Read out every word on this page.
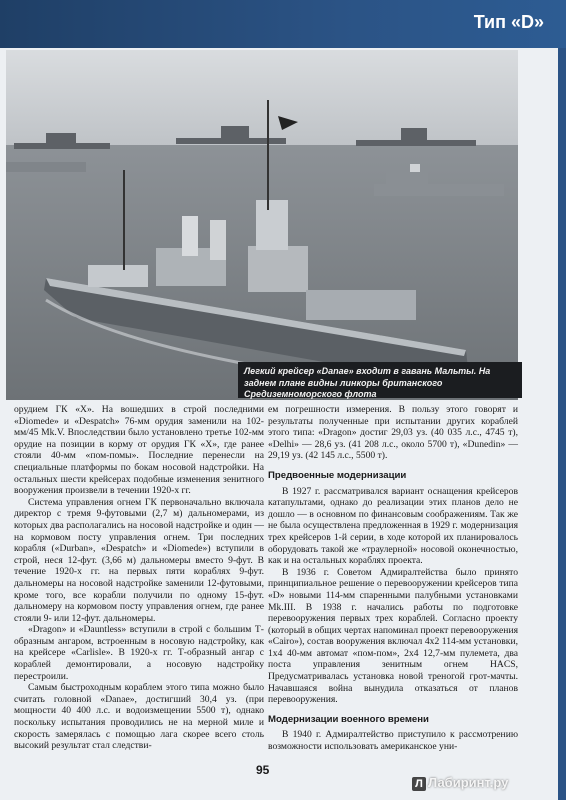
Тип «D»
Легкий крейсер «Danae» входит в гавань Мальты. На заднем плане видны линкоры британского Средиземноморского флота

орудием ГК «X». На вошедших в строй последними «Diomede» и «Despatch» 76-мм орудия заменили на 102-мм/45 Mk.V. Впоследствии было установлено третье 102-мм орудие на позиции в корму от орудия ГК «X», где ранее стояли 40-мм «пом-помы». Последние перенесли на специальные платформы по бокам носовой надстройки. На остальных шести крейсерах подобные изменения зенитного вооружения произвели в течении 1920-х гг.

Система управления огнем ГК первоначально включала директор с тремя 9-футовыми (2,7 м) дальномерами, из которых два располагались на носовой надстройке и один — на кормовом посту управления огнем. Три последних корабля («Durban», «Despatch» и «Diomede») вступили в строй, неся 12-фут. (3,66 м) дальномеры вместо 9-фут. В течение 1920-х гг. на первых пяти кораблях 9-фут. дальномеры на носовой надстройке заменили 12-футовыми, кроме того, все корабли получили по одному 15-фут. дальномеру на кормовом посту управления огнем, где ранее стояли 9- или 12-фут. дальномеры.

«Dragon» и «Dauntless» вступили в строй с большим Т-образным ангаром, встроенным в носовую надстройку, как на крейсере «Carlisle». В 1920-х гг. Т-образный ангар с кораблей демонтировали, а носовую надстройку перестроили.

Самым быстроходным кораблем этого типа можно было считать головной «Danae», достигший 30,4 уз. (при мощности 40 400 л.с. и водоизмещении 5500 т), однако поскольку испытания проводились не на мерной миле и скорость замерялась с помощью лага скорее всего столь высокий результат стал следстви-

ем погрешности измерения. В пользу этого говорят и результаты полученные при испытании других кораблей этого типа: «Dragon» достиг 29,03 уз. (40 035 л.с., 4745 т), «Delhi» — 28,6 уз. (41 208 л.с., около 5700 т), «Dunedin» — 29,19 уз. (42 145 л.с., 5500 т).

Предвоенные модернизации

В 1927 г. рассматривался вариант оснащения крейсеров катапультами, однако до реализации этих планов дело не дошло — в основном по финансовым соображениям. Так же не была осуществлена предложенная в 1929 г. модернизация трех крейсеров 1-й серии, в ходе которой их планировалось оборудовать такой же «траулерной» носовой оконечностью, как и на остальных кораблях проекта.

В 1936 г. Советом Адмиралтейства было принято принципиальное решение о перевооружении крейсеров типа «D» новыми 114-мм спаренными палубными установками Mk.III. В 1938 г. начались работы по подготовке перевооружения первых трех кораблей. Согласно проекту (который в общих чертах напоминал проект перевооружения «Cairo»), состав вооружения включал 4х2 114-мм установки, 1х4 40-мм автомат «пом-пом», 2х4 12,7-мм пулемета, два поста управления зенитным огнем HACS, Предусматривалась установка новой треногой грот-мачты. Начавшаяся война вынудила отказаться от планов перевооружения.

Модернизации военного времени

В 1940 г. Адмиралтейство приступило к рассмотрению возможности использовать американское уни-

95
Л Лабиринт.ру
